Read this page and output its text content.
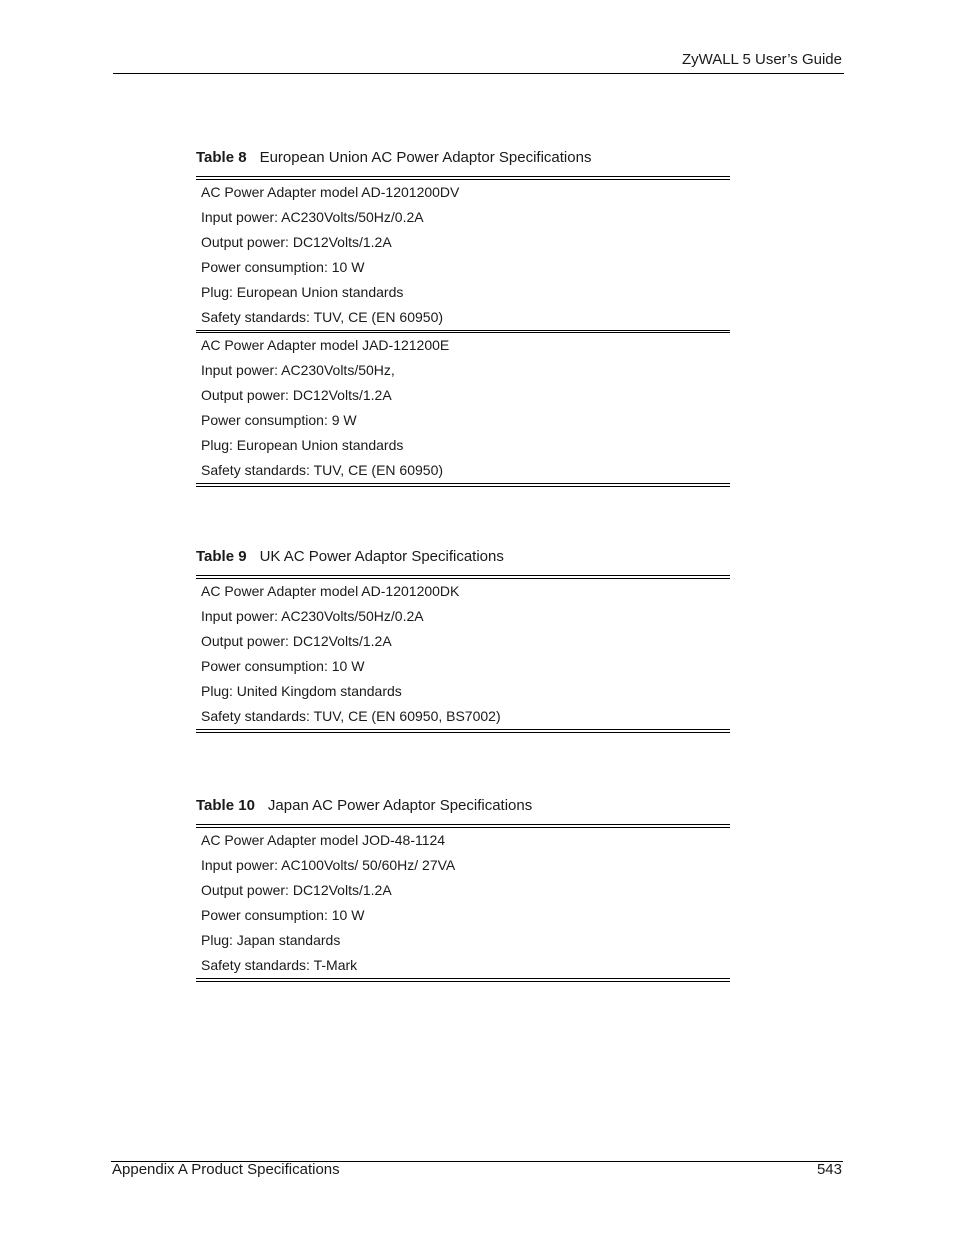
ZyWALL 5 User’s Guide

Table 8 European Union AC Power Adaptor Specifications

AC Power Adapter model AD-1201200DV
Input power: AC230Volts/50Hz/0.2A
Output power: DC12Volts/1.2A
Power consumption: 10 W
Plug: European Union standards
Safety standards: TUV, CE (EN 60950)
AC Power Adapter model JAD-121200E
Input power: AC230Volts/50Hz,
Output power: DC12Volts/1.2A
Power consumption: 9 W
Plug: European Union standards
Safety standards: TUV, CE (EN 60950)

Table 9 UK AC Power Adaptor Specifications

AC Power Adapter model AD-1201200DK
Input power: AC230Volts/50Hz/0.2A
Output power: DC12Volts/1.2A
Power consumption: 10 W
Plug: United Kingdom standards
Safety standards: TUV, CE (EN 60950, BS7002)

Table 10 Japan AC Power Adaptor Specifications

AC Power Adapter model JOD-48-1124
Input power: AC100Volts/ 50/60Hz/ 27VA
Output power: DC12Volts/1.2A
Power consumption: 10 W
Plug: Japan standards
Safety standards: T-Mark
Appendix A Product Specifications	543
